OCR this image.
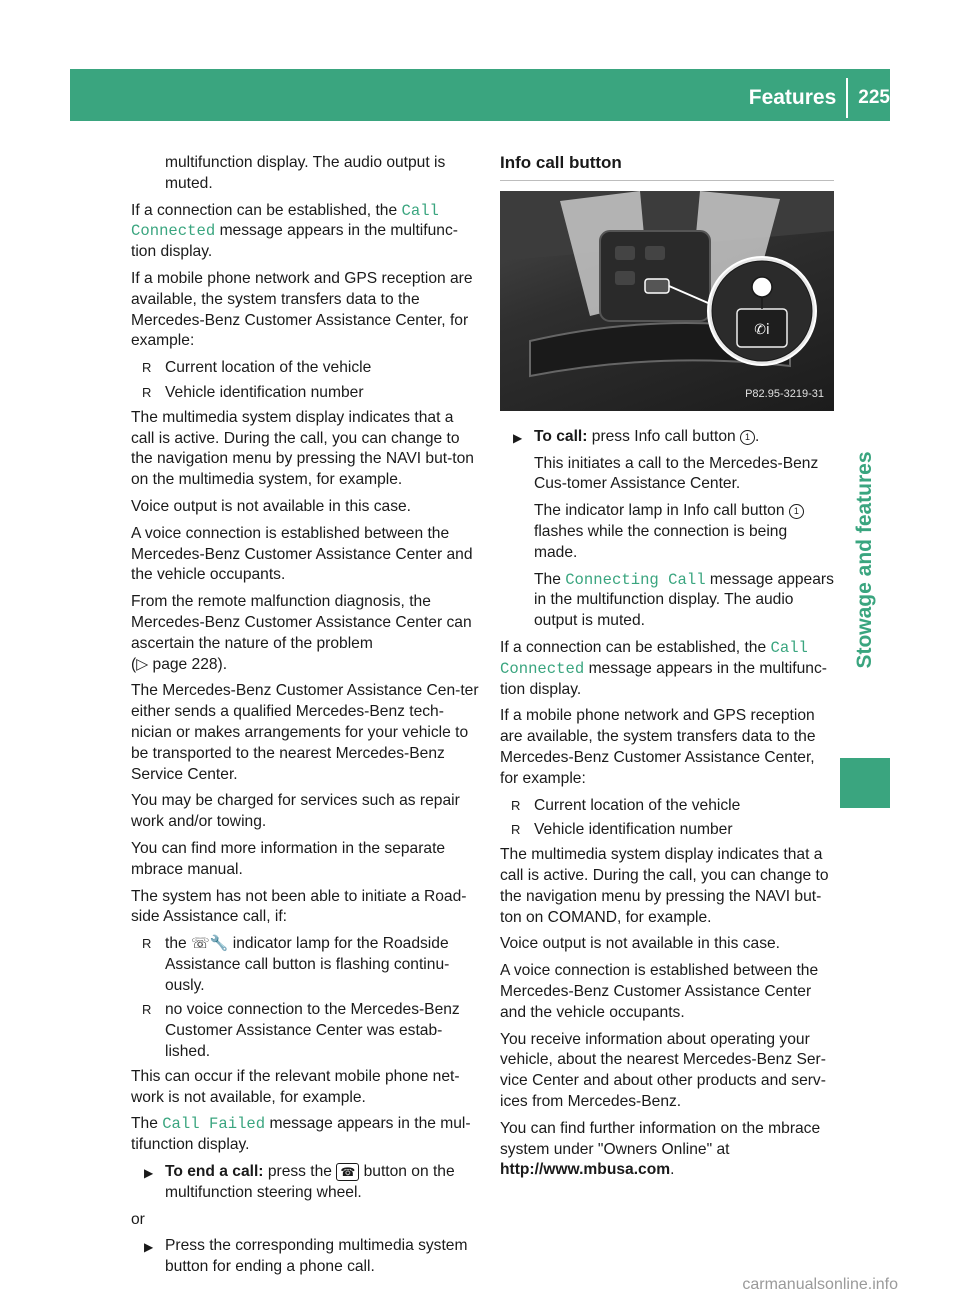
Features 225
Stowage and features

multifunction display. The audio output is muted.

If a connection can be established, the Call Connected message appears in the multifunc-tion display.

If a mobile phone network and GPS reception are available, the system transfers data to the Mercedes-Benz Customer Assistance Center, for example:

R Current location of the vehicle
R Vehicle identification number

The multimedia system display indicates that a call is active. During the call, you can change to the navigation menu by pressing the NAVI but-ton on the multimedia system, for example.

Voice output is not available in this case.

A voice connection is established between the Mercedes-Benz Customer Assistance Center and the vehicle occupants.

From the remote malfunction diagnosis, the Mercedes-Benz Customer Assistance Center can ascertain the nature of the problem
(▷ page 228).

The Mercedes-Benz Customer Assistance Cen-ter either sends a qualified Mercedes-Benz tech-nician or makes arrangements for your vehicle to be transported to the nearest Mercedes-Benz Service Center.

You may be charged for services such as repair work and/or towing.

You can find more information in the separate mbrace manual.

The system has not been able to initiate a Road-side Assistance call, if:

R the ☏🔧 indicator lamp for the Roadside Assistance call button is flashing continu-ously.
R no voice connection to the Mercedes-Benz Customer Assistance Center was estab-lished.

This can occur if the relevant mobile phone net-work is not available, for example.

The Call Failed message appears in the mul-tifunction display.

▶ To end a call: press the ☎ button on the multifunction steering wheel.

or

▶ Press the corresponding multimedia system button for ending a phone call.
Info call button
✆i
P82.95-3219-31
▶ To call: press Info call button 1 .

This initiates a call to the Mercedes-Benz Cus-tomer Assistance Center.

The indicator lamp in Info call button 1 flashes while the connection is being made.

The Connecting Call message appears in the multifunction display. The audio output is muted.

If a connection can be established, the Call Connected message appears in the multifunc-tion display.

If a mobile phone network and GPS reception are available, the system transfers data to the Mercedes-Benz Customer Assistance Center, for example:

R Current location of the vehicle
R Vehicle identification number

The multimedia system display indicates that a call is active. During the call, you can change to the navigation menu by pressing the NAVI but-ton on COMAND, for example.

Voice output is not available in this case.

A voice connection is established between the Mercedes-Benz Customer Assistance Center and the vehicle occupants.

You receive information about operating your vehicle, about the nearest Mercedes-Benz Ser-vice Center and about other products and serv-ices from Mercedes-Benz.

You can find further information on the mbrace system under "Owners Online" at
http://www.mbusa.com.

carmanualsonline.info
